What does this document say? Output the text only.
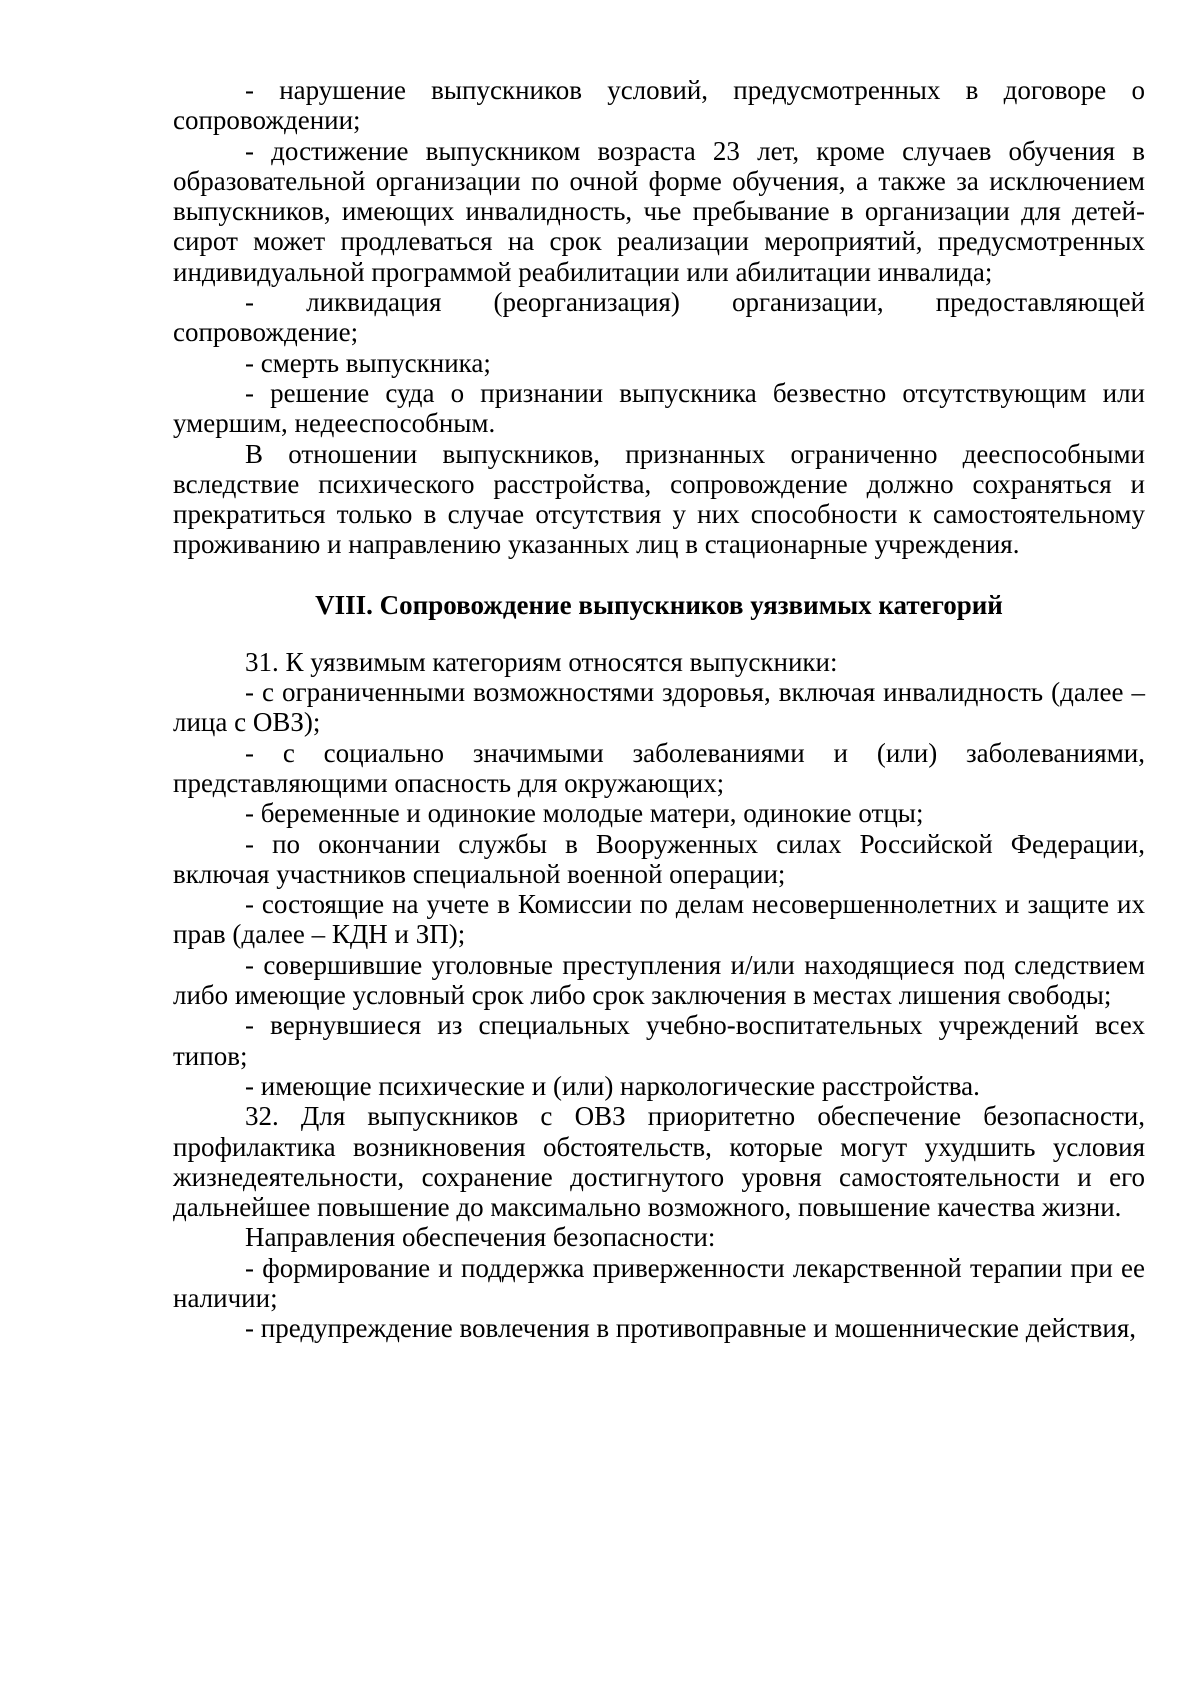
- нарушение выпускников условий, предусмотренных в договоре о сопровождении;

- достижение выпускником возраста 23 лет, кроме случаев обучения в образовательной организации по очной форме обучения, а также за исключением выпускников, имеющих инвалидность, чье пребывание в организации для детей-сирот может продлеваться на срок реализации мероприятий, предусмотренных индивидуальной программой реабилитации или абилитации инвалида;

- ликвидация (реорганизация) организации, предоставляющей сопровождение;

- смерть выпускника;

- решение суда о признании выпускника безвестно отсутствующим или умершим, недееспособным.

В отношении выпускников, признанных ограниченно дееспособными вследствие психического расстройства, сопровождение должно сохраняться и прекратиться только в случае отсутствия у них способности к самостоятельному проживанию и направлению указанных лиц в стационарные учреждения.

VIII. Сопровождение выпускников уязвимых категорий

31. К уязвимым категориям относятся выпускники:

- с ограниченными возможностями здоровья, включая инвалидность (далее – лица с ОВЗ);

- с социально значимыми заболеваниями и (или) заболеваниями, представляющими опасность для окружающих;

- беременные и одинокие молодые матери, одинокие отцы;

- по окончании службы в Вооруженных силах Российской Федерации, включая участников специальной военной операции;

- состоящие на учете в Комиссии по делам несовершеннолетних и защите их прав (далее – КДН и ЗП);

- совершившие уголовные преступления и/или находящиеся под следствием либо имеющие условный срок либо срок заключения в местах лишения свободы;

- вернувшиеся из специальных учебно-воспитательных учреждений всех типов;

- имеющие психические и (или) наркологические расстройства.

32. Для выпускников с ОВЗ приоритетно обеспечение безопасности, профилактика возникновения обстоятельств, которые могут ухудшить условия жизнедеятельности, сохранение достигнутого уровня самостоятельности и его дальнейшее повышение до максимально возможного, повышение качества жизни.

Направления обеспечения безопасности:

- формирование и поддержка приверженности лекарственной терапии при ее наличии;

- предупреждение вовлечения в противоправные и мошеннические действия,
